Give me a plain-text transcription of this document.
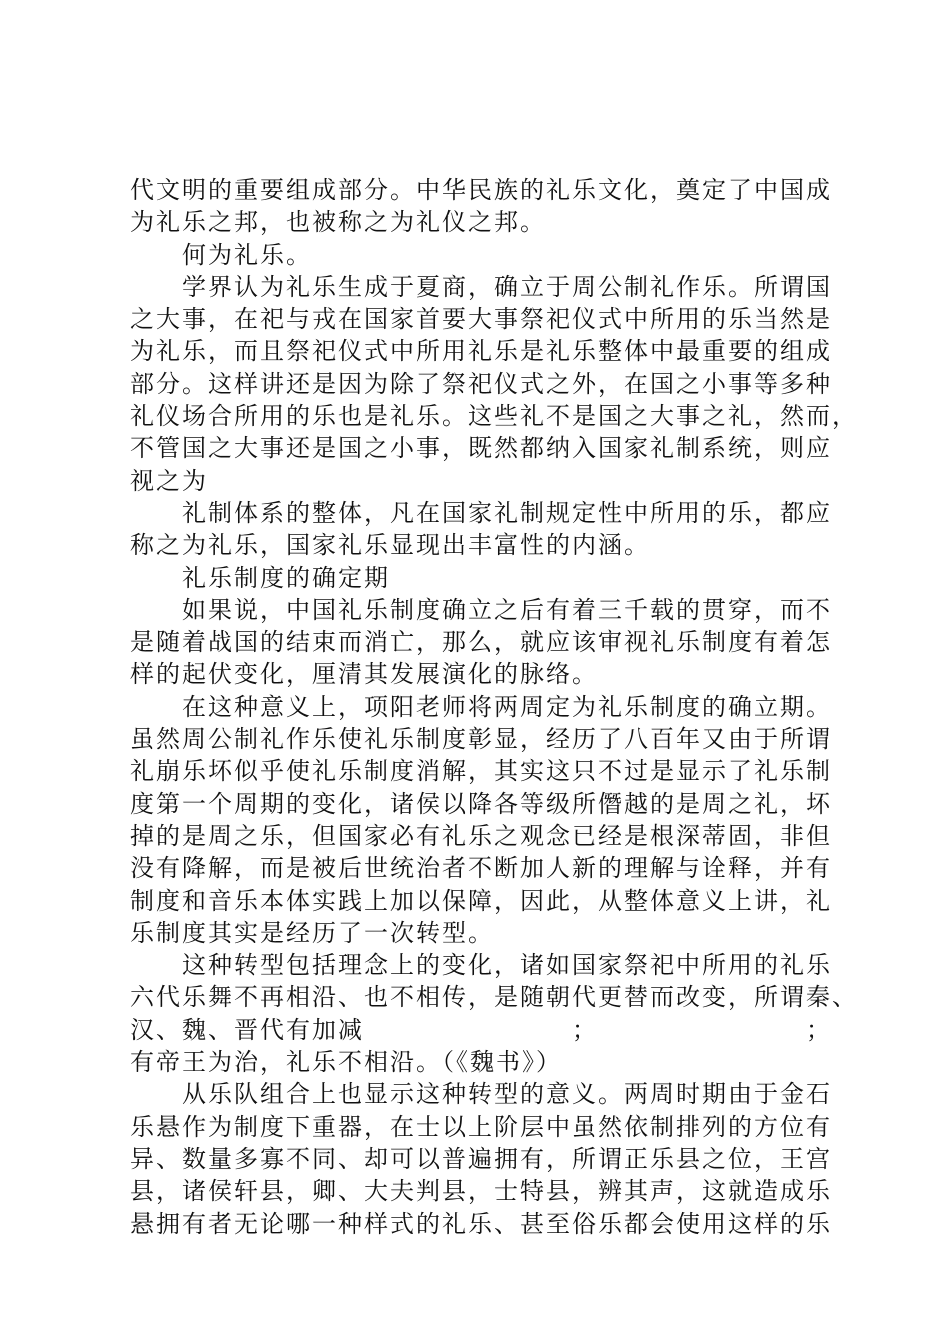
代文明的重要组成部分。中华民族的礼乐文化，奠定了中国成
为礼乐之邦，也被称之为礼仪之邦。
何为礼乐。
学界认为礼乐生成于夏商，确立于周公制礼作乐。所谓国
之大事，在祀与戎在国家首要大事祭祀仪式中所用的乐当然是
为礼乐，而且祭祀仪式中所用礼乐是礼乐整体中最重要的组成
部分。这样讲还是因为除了祭祀仪式之外，在国之小事等多种
礼仪场合所用的乐也是礼乐。这些礼不是国之大事之礼，然而，
不管国之大事还是国之小事，既然都纳入国家礼制系统，则应
视之为
礼制体系的整体，凡在国家礼制规定性中所用的乐，都应
称之为礼乐，国家礼乐显现出丰富性的内涵。
礼乐制度的确定期
如果说，中国礼乐制度确立之后有着三千载的贯穿，而不
是随着战国的结束而消亡，那么，就应该审视礼乐制度有着怎
样的起伏变化，厘清其发展演化的脉络。
在这种意义上，项阳老师将两周定为礼乐制度的确立期。
虽然周公制礼作乐使礼乐制度彰显，经历了八百年又由于所谓
礼崩乐坏似乎使礼乐制度消解，其实这只不过是显示了礼乐制
度第一个周期的变化，诸侯以降各等级所僭越的是周之礼，坏
掉的是周之乐，但国家必有礼乐之观念已经是根深蒂固，非但
没有降解，而是被后世统治者不断加人新的理解与诠释，并有
制度和音乐本体实践上加以保障，因此，从整体意义上讲，礼
乐制度其实是经历了一次转型。
这种转型包括理念上的变化，诸如国家祭祀中所用的礼乐
六代乐舞不再相沿、也不相传，是随朝代更替而改变，所谓秦、
汉、魏、晋代有加减	；	；
有帝王为治，礼乐不相沿。（《魏书》）
从乐队组合上也显示这种转型的意义。两周时期由于金石
乐悬作为制度下重器，在士以上阶层中虽然依制排列的方位有
异、数量多寡不同、却可以普遍拥有，所谓正乐县之位，王宫
县，诸侯轩县，卿、大夫判县，士特县，辨其声，这就造成乐
悬拥有者无论哪一种样式的礼乐、甚至俗乐都会使用这样的乐
